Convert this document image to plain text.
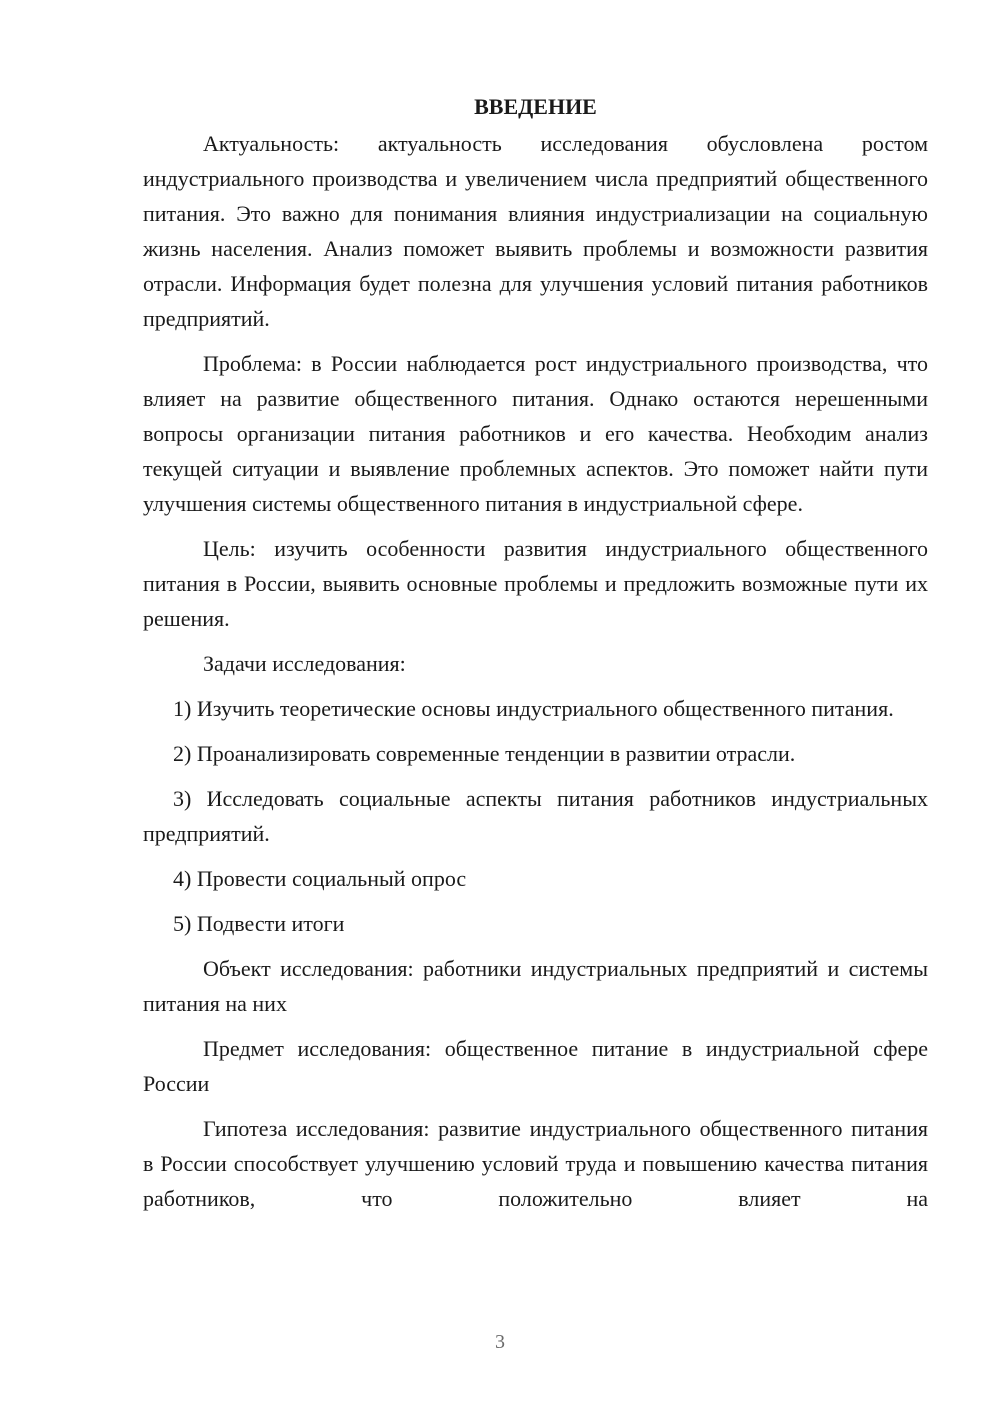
ВВЕДЕНИЕ
Актуальность: актуальность исследования обусловлена ростом индустриального производства и увеличением числа предприятий общественного питания. Это важно для понимания влияния индустриализации на социальную жизнь населения. Анализ поможет выявить проблемы и возможности развития отрасли. Информация будет полезна для улучшения условий питания работников предприятий.
Проблема: в России наблюдается рост индустриального производства, что влияет на развитие общественного питания. Однако остаются нерешенными вопросы организации питания работников и его качества. Необходим анализ текущей ситуации и выявление проблемных аспектов. Это поможет найти пути улучшения системы общественного питания в индустриальной сфере.
Цель: изучить особенности развития индустриального общественного питания в России, выявить основные проблемы и предложить возможные пути их решения.
Задачи исследования:
1) Изучить теоретические основы индустриального общественного питания.
2) Проанализировать современные тенденции в развитии отрасли.
3) Исследовать социальные аспекты питания работников индустриальных предприятий.
4) Провести социальный опрос
5) Подвести итоги
Объект исследования: работники индустриальных предприятий и системы питания на них
Предмет исследования: общественное питание в индустриальной сфере России
Гипотеза исследования: развитие индустриального общественного питания в России способствует улучшению условий труда и повышению качества питания работников, что положительно влияет на
3
